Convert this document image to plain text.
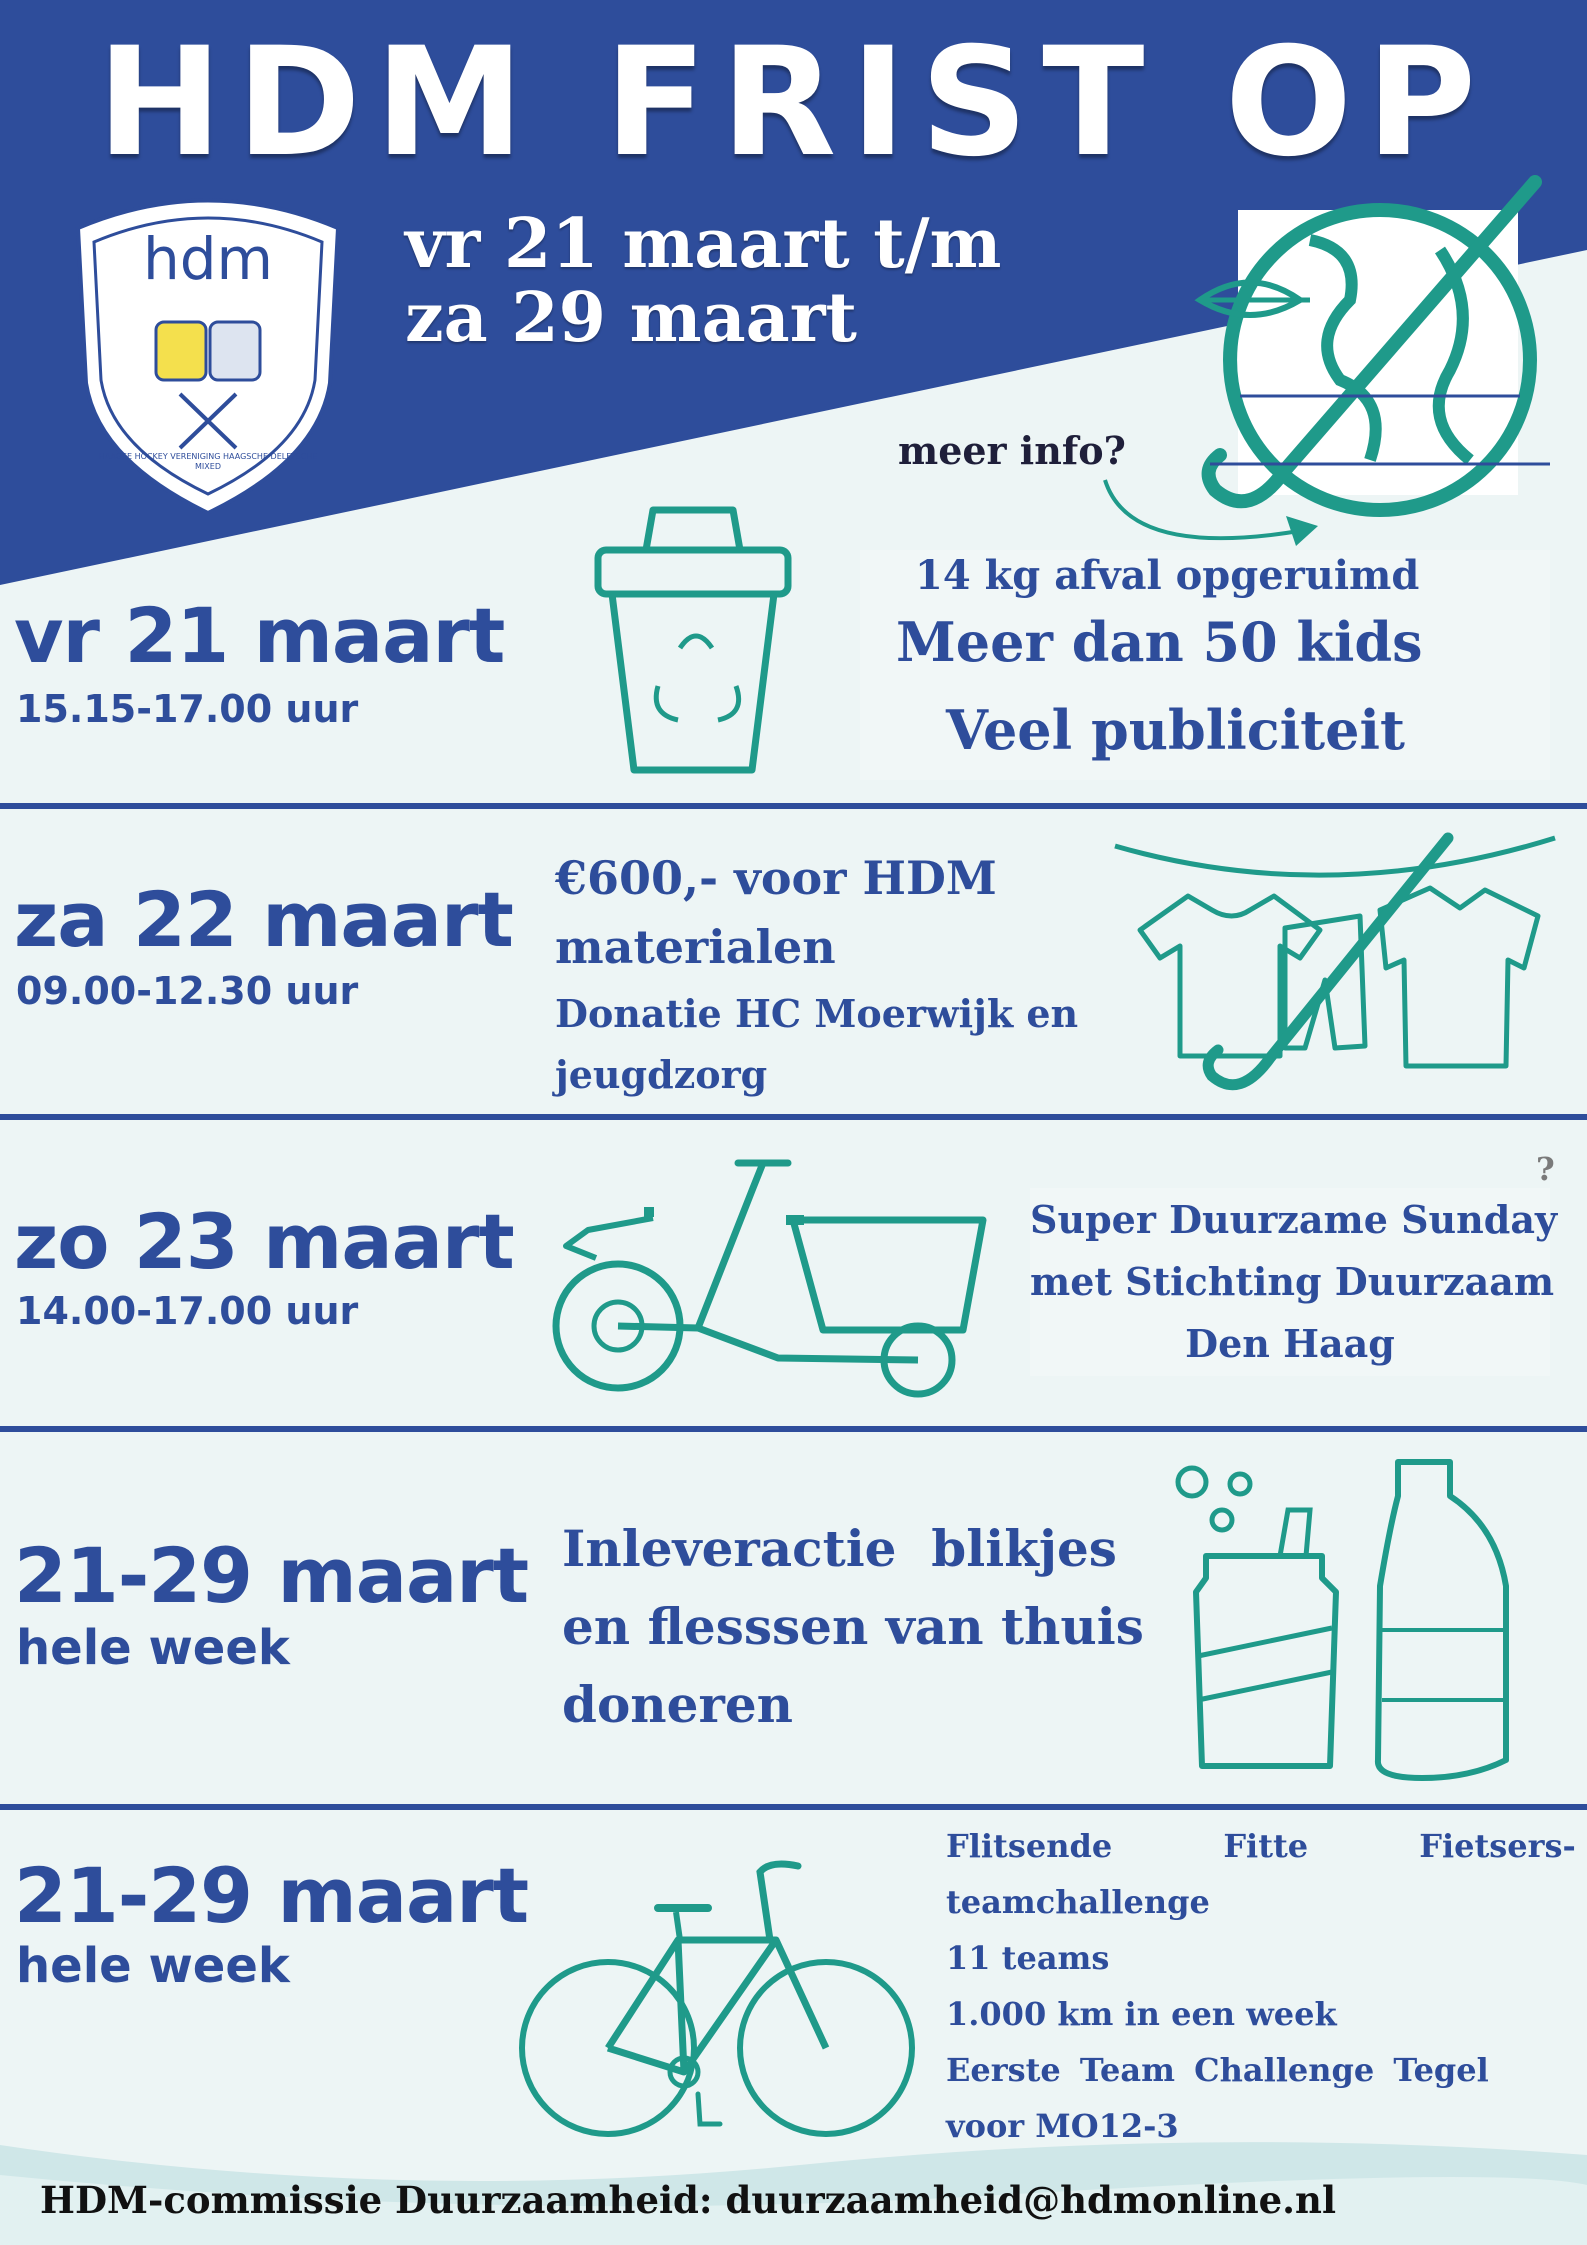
HDM FRIST OP
hdm
HAAGSE HOCKEY VERENIGING HAAGSCHE DELFTSCHE MIXED
vr 21 maart t/m
za 29 maart
meer info?
vr 21 maart
15.15-17.00 uur
14 kg afval opgeruimd
Meer dan 50 kids
Veel publiciteit
za 22 maart
09.00-12.30 uur
€600,- voor HDM
materialen
Donatie HC Moerwijk en
jeugdzorg
zo 23 maart
14.00-17.00 uur
?
Super Duurzame Sunday
met Stichting Duurzaam
Den Haag
21-29 maart
hele week
Inleveractie  blikjes
en flesssen van thuis
doneren
21-29 maart
hele week
Flitsende Fitte Fietsers-
teamchallenge
11 teams
1.000 km in een week
Eerste Team Challenge Tegel
voor MO12-3
HDM-commissie Duurzaamheid: duurzaamheid@hdmonline.nl
